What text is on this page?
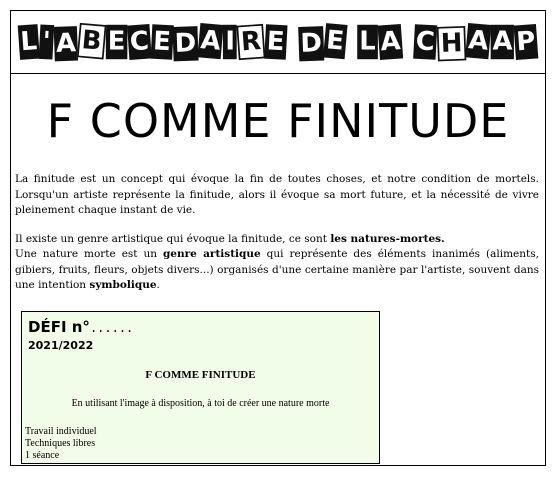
L ' A B E C E D A I R E D E L A C H A A P
F COMME FINITUDE
La finitude est un concept qui évoque la fin de toutes choses, et notre condition de mortels. Lorsqu'un artiste représente la finitude, alors il évoque sa mort future, et la nécessité de vivre pleinement chaque instant de vie.
Il existe un genre artistique qui évoque la finitude, ce sont les natures-mortes.
Une nature morte est un genre artistique qui représente des éléments inanimés (aliments, gibiers, fruits, fleurs, objets divers...) organisés d'une certaine manière par l'artiste, souvent dans une intention symbolique.
DÉFI n°......
2021/2022
F COMME FINITUDE
En utilisant l'image à disposition, à toi de créer une nature morte
Travail individuel
Techniques libres
1 séance
